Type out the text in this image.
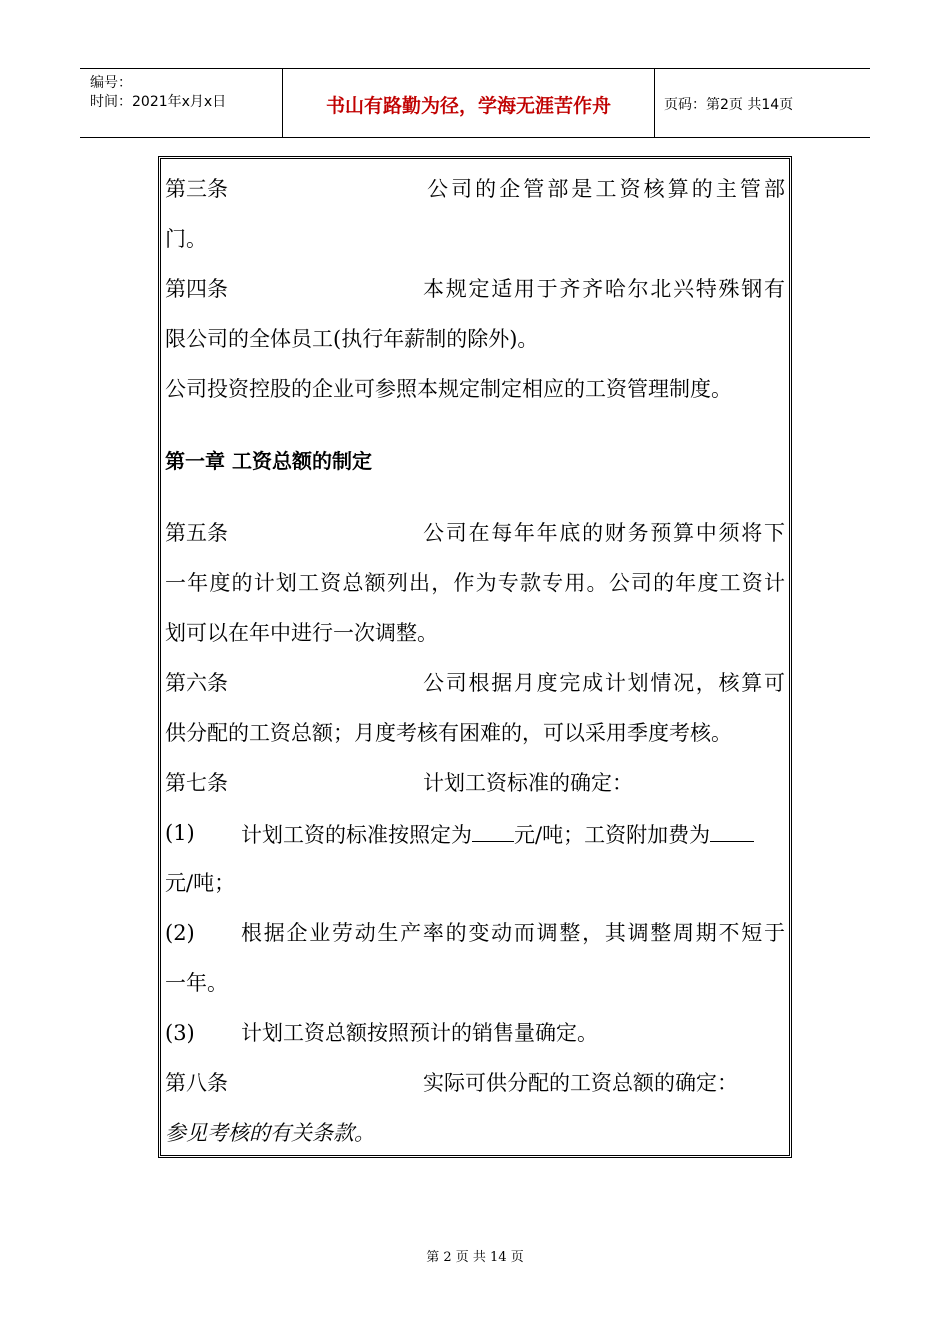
编号：
时间：2021年x月x日	书山有路勤为径，学海无涯苦作舟	页码：第2页 共14页
第三条	公司的企管部是工资核算的主管部
门。
第四条	本规定适用于齐齐哈尔北兴特殊钢有
限公司的全体员工(执行年薪制的除外)。
公司投资控股的企业可参照本规定制定相应的工资管理制度。
第一章 工资总额的制定
第五条	公司在每年年底的财务预算中须将下
一年度的计划工资总额列出，作为专款专用。公司的年度工资计
划可以在年中进行一次调整。
第六条	公司根据月度完成计划情况，核算可
供分配的工资总额；月度考核有困难的，可以采用季度考核。
第七条	计划工资标准的确定：
(1) 计划工资的标准按照定为 元/吨；工资附加费为
元/吨；
(2) 根据企业劳动生产率的变动而调整，其调整周期不短于
一年。
(3) 计划工资总额按照预计的销售量确定。
第八条	实际可供分配的工资总额的确定：
参见考核的有关条款。
第 2 页 共 14 页
